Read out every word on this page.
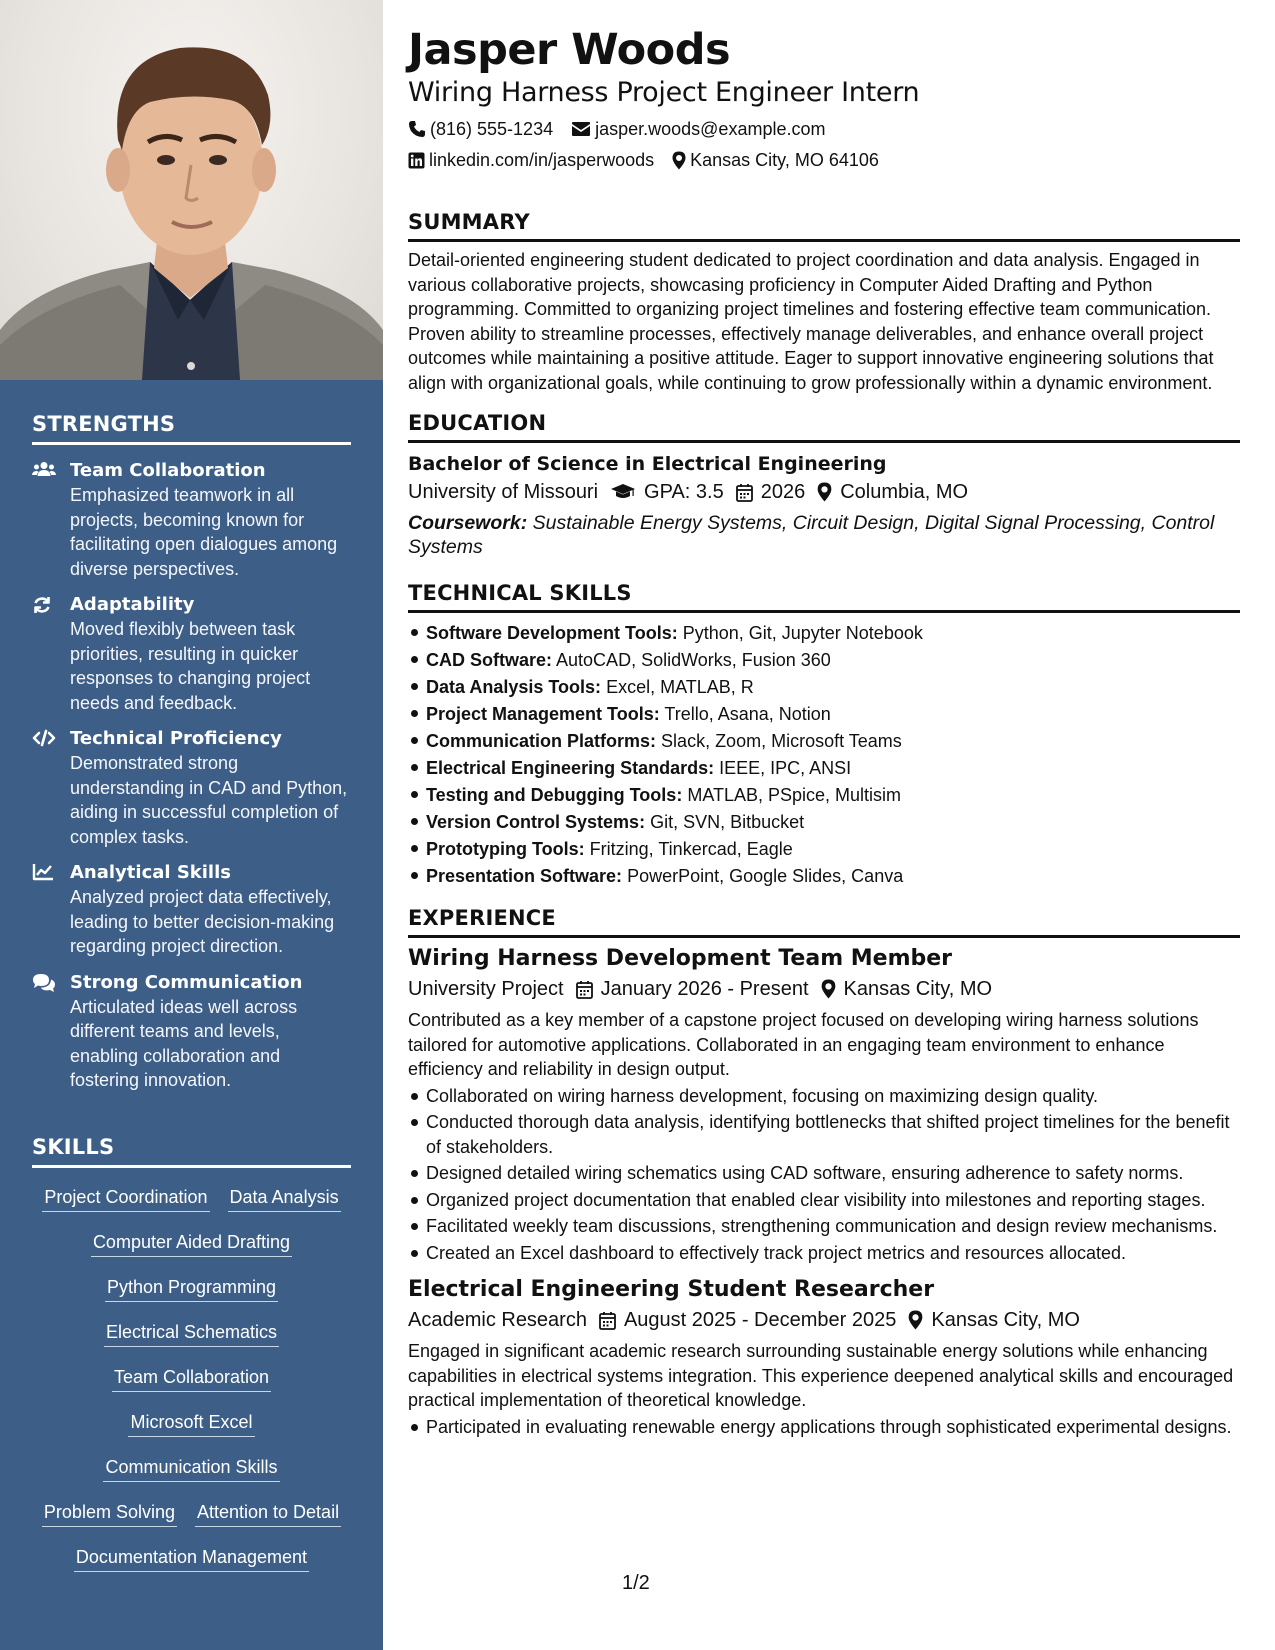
STRENGTHS
Team Collaboration
Emphasized teamwork in all projects, becoming known for facilitating open dialogues among diverse perspectives.
Adaptability
Moved flexibly between task priorities, resulting in quicker responses to changing project needs and feedback.
Technical Proficiency
Demonstrated strong understanding in CAD and Python, aiding in successful completion of complex tasks.
Analytical Skills
Analyzed project data effectively, leading to better decision-making regarding project direction.
Strong Communication
Articulated ideas well across different teams and levels, enabling collaboration and fostering innovation.
SKILLS
Project Coordination Data Analysis
Computer Aided Drafting
Python Programming
Electrical Schematics
Team Collaboration
Microsoft Excel
Communication Skills
Problem Solving Attention to Detail
Documentation Management
Jasper Woods
Wiring Harness Project Engineer Intern
(816) 555-1234 jasper.woods@example.com
linkedin.com/in/jasperwoods Kansas City, MO 64106
SUMMARY

Detail-oriented engineering student dedicated to project coordination and data analysis. Engaged in various collaborative projects, showcasing proficiency in Computer Aided Drafting and Python programming. Committed to organizing project timelines and fostering effective team communication. Proven ability to streamline processes, effectively manage deliverables, and enhance overall project outcomes while maintaining a positive attitude. Eager to support innovative engineering solutions that align with organizational goals, while continuing to grow professionally within a dynamic environment.

EDUCATION
Bachelor of Science in Electrical Engineering
University of Missouri GPA: 3.5 2026 Columbia, MO

Coursework: Sustainable Energy Systems, Circuit Design, Digital Signal Processing, Control Systems

TECHNICAL SKILLS
Software Development Tools: Python, Git, Jupyter Notebook
CAD Software: AutoCAD, SolidWorks, Fusion 360
Data Analysis Tools: Excel, MATLAB, R
Project Management Tools: Trello, Asana, Notion
Communication Platforms: Slack, Zoom, Microsoft Teams
Electrical Engineering Standards: IEEE, IPC, ANSI
Testing and Debugging Tools: MATLAB, PSpice, Multisim
Version Control Systems: Git, SVN, Bitbucket
Prototyping Tools: Fritzing, Tinkercad, Eagle
Presentation Software: PowerPoint, Google Slides, Canva
EXPERIENCE
Wiring Harness Development Team Member
University Project January 2026 - Present Kansas City, MO

Contributed as a key member of a capstone project focused on developing wiring harness solutions tailored for automotive applications. Collaborated in an engaging team environment to enhance efficiency and reliability in design output.

Collaborated on wiring harness development, focusing on maximizing design quality.
Conducted thorough data analysis, identifying bottlenecks that shifted project timelines for the benefit of stakeholders.
Designed detailed wiring schematics using CAD software, ensuring adherence to safety norms.
Organized project documentation that enabled clear visibility into milestones and reporting stages.
Facilitated weekly team discussions, strengthening communication and design review mechanisms.
Created an Excel dashboard to effectively track project metrics and resources allocated.
Electrical Engineering Student Researcher
Academic Research August 2025 - December 2025 Kansas City, MO

Engaged in significant academic research surrounding sustainable energy solutions while enhancing capabilities in electrical systems integration. This experience deepened analytical skills and encouraged practical implementation of theoretical knowledge.

Participated in evaluating renewable energy applications through sophisticated experimental designs.
1/2
